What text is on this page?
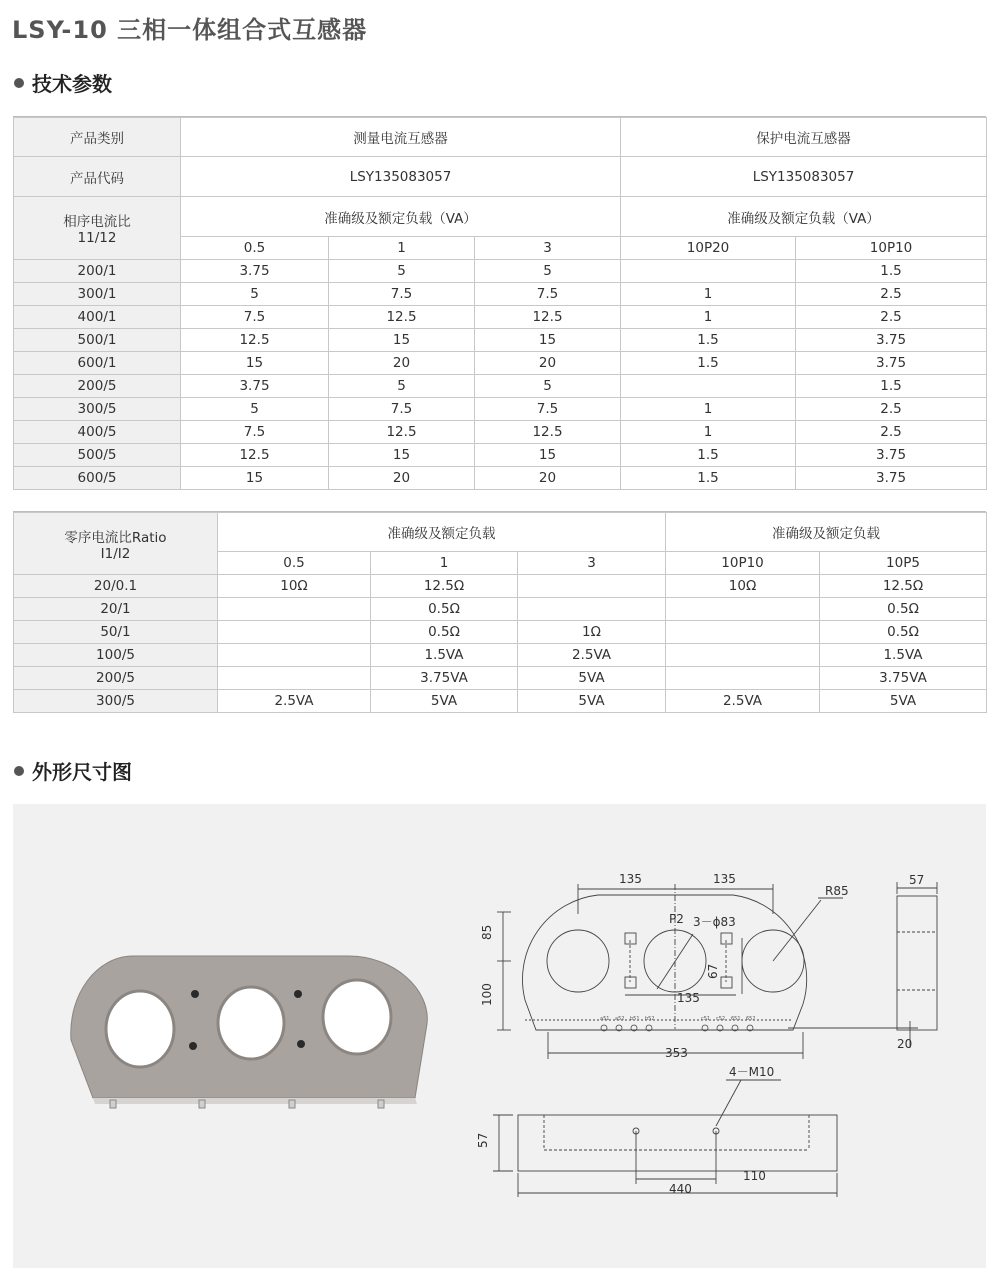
LSY-10 三相一体组合式互感器
技术参数
产品类别	测量电流互感器			保护电流互感器	
产品代码	LSY135083057			LSY135083057	

相序电流比
11/12	准确级及额定负载（VA）			准确级及额定负载（VA）	
	0.5	1	3	10P20	10P10
200/1	3.75	5	5		1.5
300/1	5	7.5	7.5	1	2.5
400/1	7.5	12.5	12.5	1	2.5
500/1	12.5	15	15	1.5	3.75
600/1	15	20	20	1.5	3.75
200/5	3.75	5	5		1.5
300/5	5	7.5	7.5	1	2.5
400/5	7.5	12.5	12.5	1	2.5
500/5	12.5	15	15	1.5	3.75
600/5	15	20	20	1.5	3.75
零序电流比Ratio
I1/I2	准确级及额定负载			准确级及额定负载	
	0.5	1	3	10P10	10P5
20/0.1	10Ω	12.5Ω		10Ω	12.5Ω
20/1		0.5Ω			0.5Ω
50/1		0.5Ω	1Ω		0.5Ω
100/5		1.5VA	2.5VA		1.5VA
200/5		3.75VA	5VA		3.75VA
300/5	2.5VA	5VA	5VA	2.5VA	5VA
外形尺寸图
a51 a52 b51 b52	c51 c52 651 652
135	135
R85
57
P2 3－ϕ83
85
100
67
135
353
20
4－M10
57
110
440
